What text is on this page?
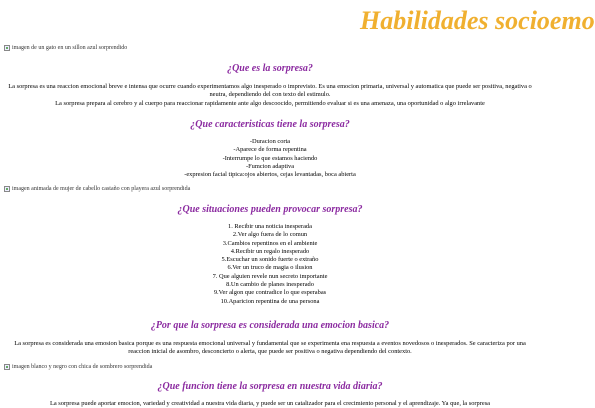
Habilidades socioemo
imagen de un gato en un sillon azul sorprendido
¿Que es la sorpresa?
La sorpresa es una reaccion emocional breve e intensa que ocurre cuando experimentamos algo inesperado o imprevisto. Es una emocion primaria, universal y automatica que puede ser positiva, negativa o neutra, dependiendo del con texto del estimulo.
La sorpresa prepara al cerebro y al cuerpo para reaccionar rapidamente ante algo descoocido, permitiendo evaluar si es una amenaza, una oportunidad o algo irrelavante
¿Que caracteristicas tiene la sorpresa?
-Duracion corta
-Aparece de forma repentina
-Interrumpe lo que estamos haciendo
-Fumcion adaptiva
-expresion facial tipica:ojos abiertos, cejas levantadas, boca abierta
imagen animada de mujer de cabello castaño con playera azul sorprendida
¿Que situaciones pueden provocar sorpresa?
1. Recibir una noticia inesperada
2.Ver algo fuera de lo comun
3.Cambios repentinos en el ambiente
4.Recibir un regalo inesperado
5.Escuchar un sonido fuerte o extraño
6.Ver un truco de magia o ilusion
7. Que alguien revele nun secreto importante
8.Un cambio de planes inesperado
9.Ver algon que contradice lo que esperabas
10.Aparicion repentina de una persona
¿Por que la sorpresa es considerada una emocion basica?
La sorpresa es considerada una emosion basica porque es una respuesta emocional universal y fundamental que se experimenta ena respuesta a eventos novedosos o inesperados. Se caracteriza por una reaccion inicial de asombro, desconcierto o alerta, que puede ser positiva o negativa dependiendo del contexto.
imagen blanco y negro con chica de sombrero sorprendida
¿Que funcion tiene la sorpresa en nuestra vida diaria?
La sorpresa puede aportar emocion, variedad y creatividad a nuestra vida diaria, y puede ser un catalizador para el crecimiento personal y el aprendizaje. Ya que, la sorpresa
